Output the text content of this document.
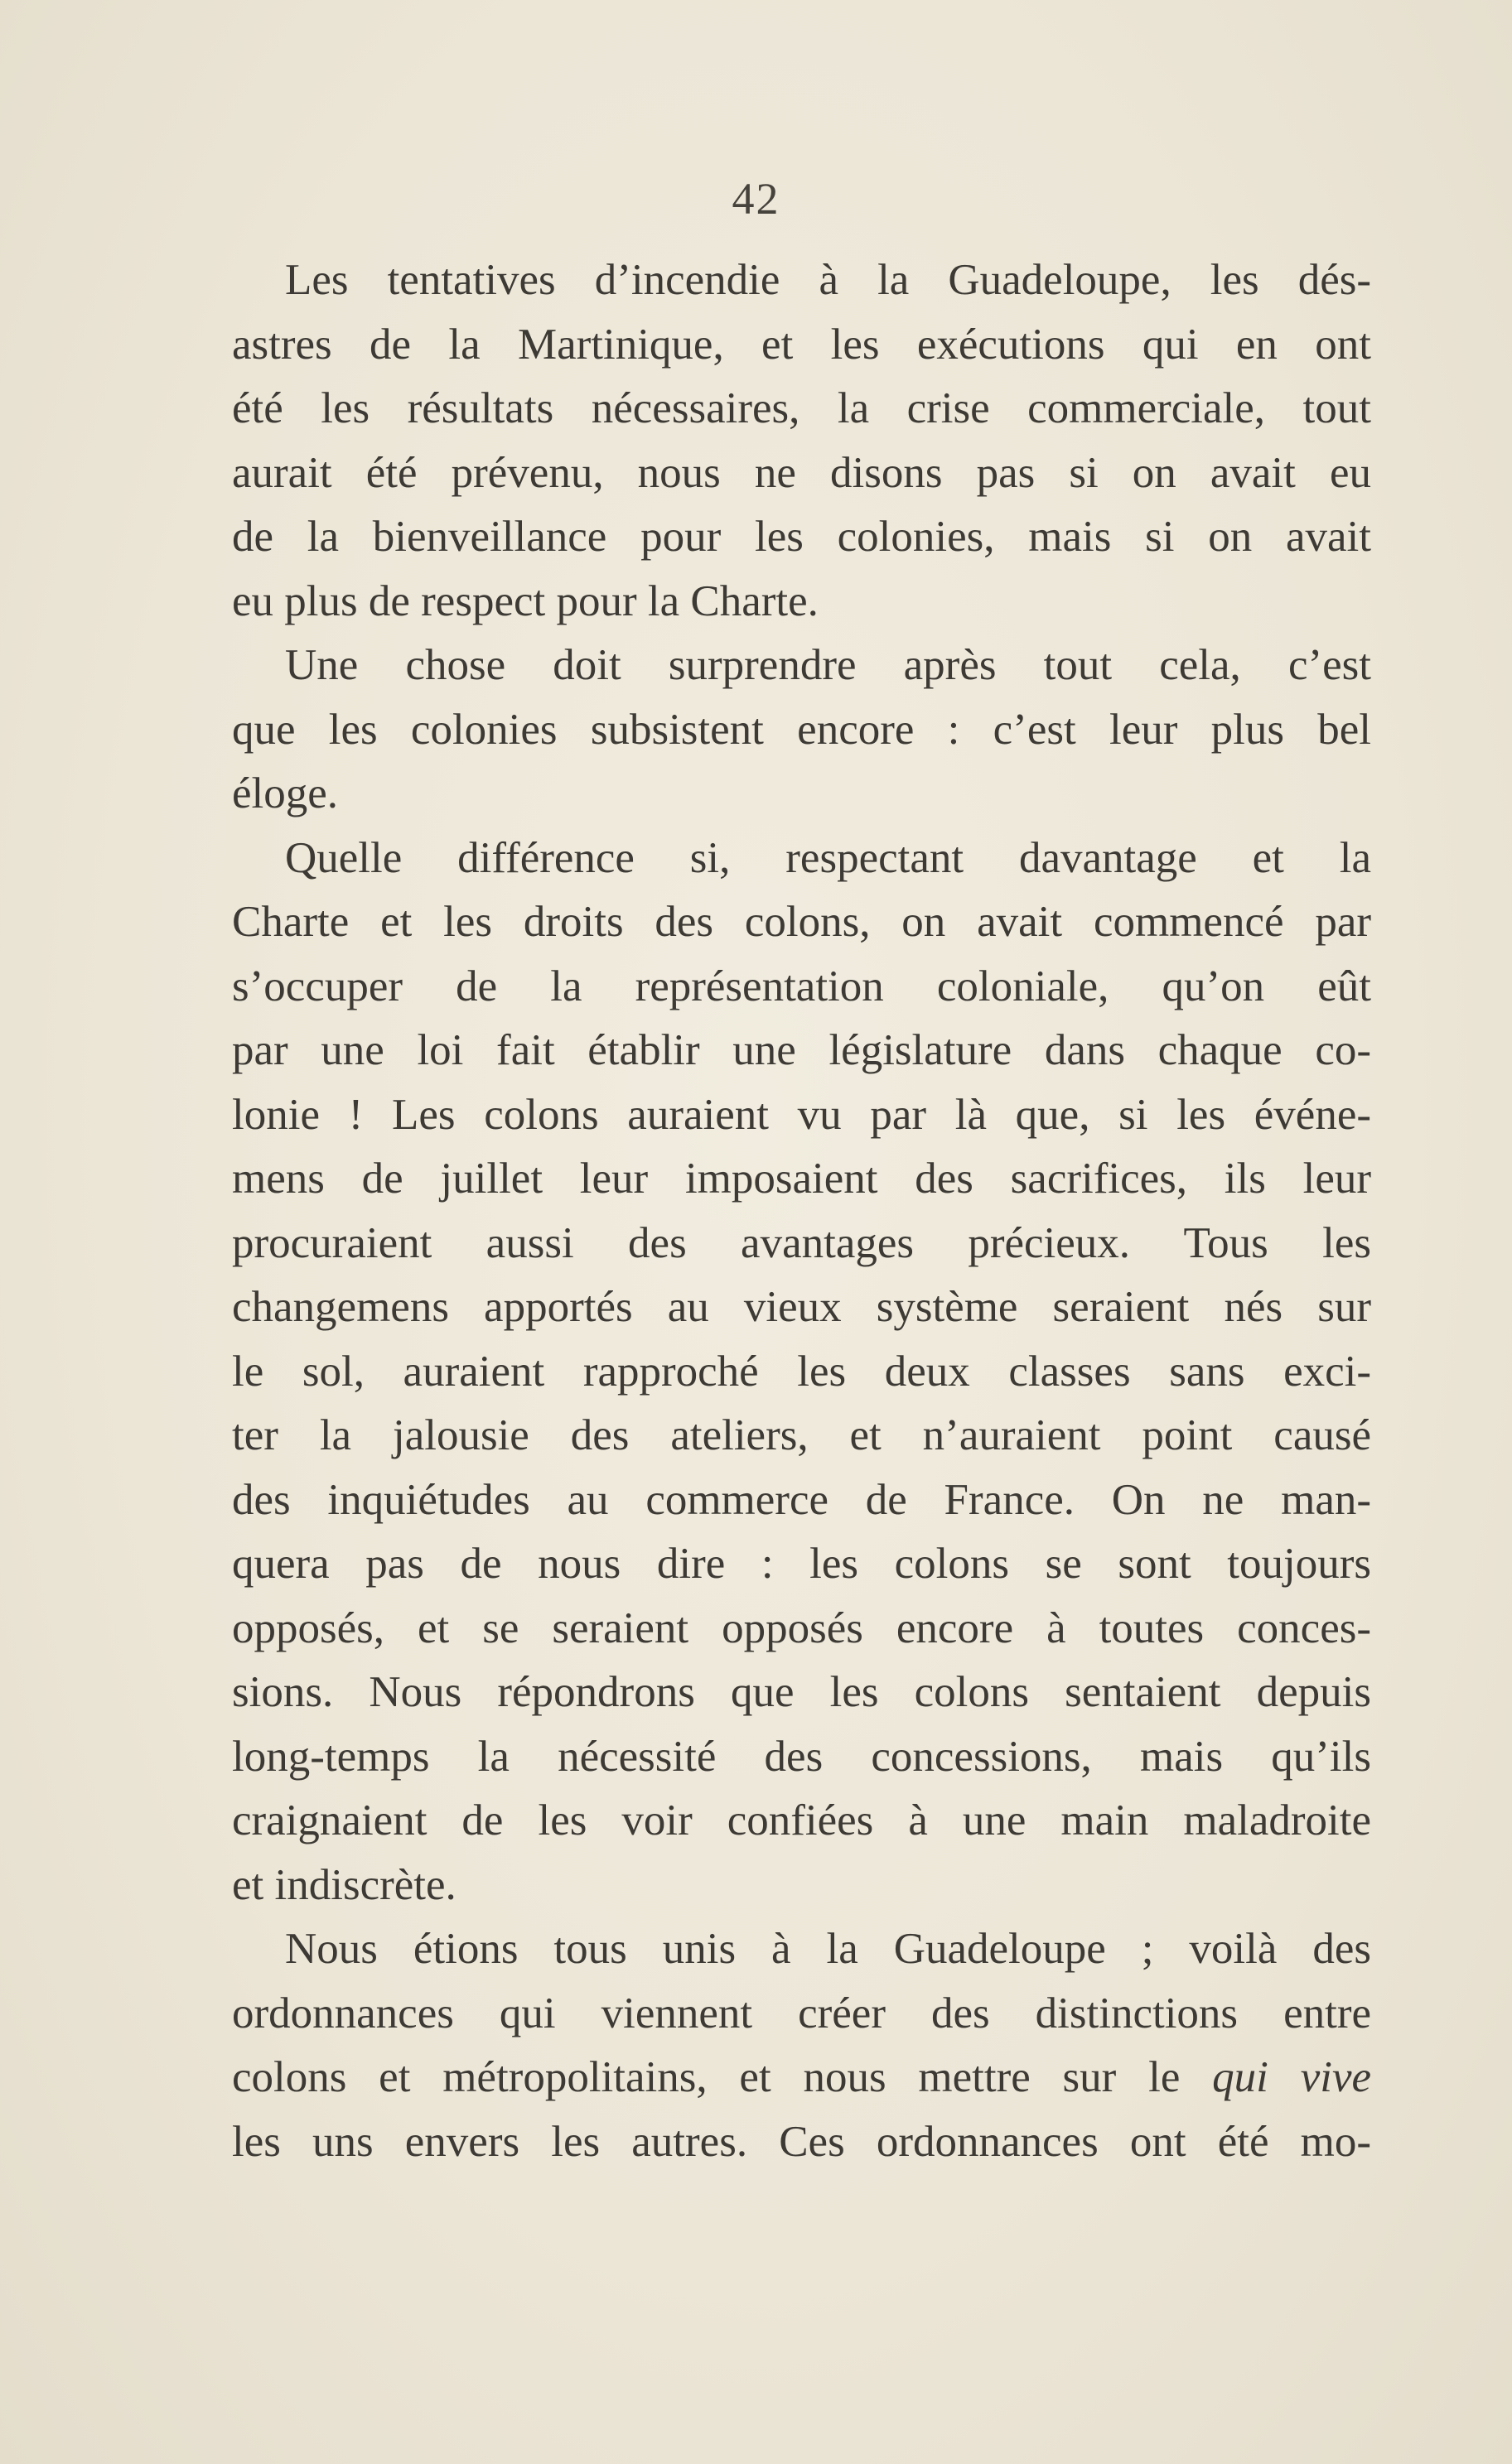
42
Les tentatives d’incendie à la Guadeloupe, les dés-
astres de la Martinique, et les exécutions qui en ont
été les résultats nécessaires, la crise commerciale, tout
aurait été prévenu, nous ne disons pas si on avait eu
de la bienveillance pour les colonies, mais si on avait
eu plus de respect pour la Charte.
Une chose doit surprendre après tout cela, c’est
que les colonies subsistent encore : c’est leur plus bel
éloge.
Quelle différence si, respectant davantage et la
Charte et les droits des colons, on avait commencé par
s’occuper de la représentation coloniale, qu’on eût
par une loi fait établir une législature dans chaque co-
lonie ! Les colons auraient vu par là que, si les événe-
mens de juillet leur imposaient des sacrifices, ils leur
procuraient aussi des avantages précieux. Tous les
changemens apportés au vieux système seraient nés sur
le sol, auraient rapproché les deux classes sans exci-
ter la jalousie des ateliers, et n’auraient point causé
des inquiétudes au commerce de France. On ne man-
quera pas de nous dire : les colons se sont toujours
opposés, et se seraient opposés encore à toutes conces-
sions. Nous répondrons que les colons sentaient depuis
long-temps la nécessité des concessions, mais qu’ils
craignaient de les voir confiées à une main maladroite
et indiscrète.
Nous étions tous unis à la Guadeloupe ; voilà des
ordonnances qui viennent créer des distinctions entre
colons et métropolitains, et nous mettre sur le qui vive
les uns envers les autres. Ces ordonnances ont été mo-
